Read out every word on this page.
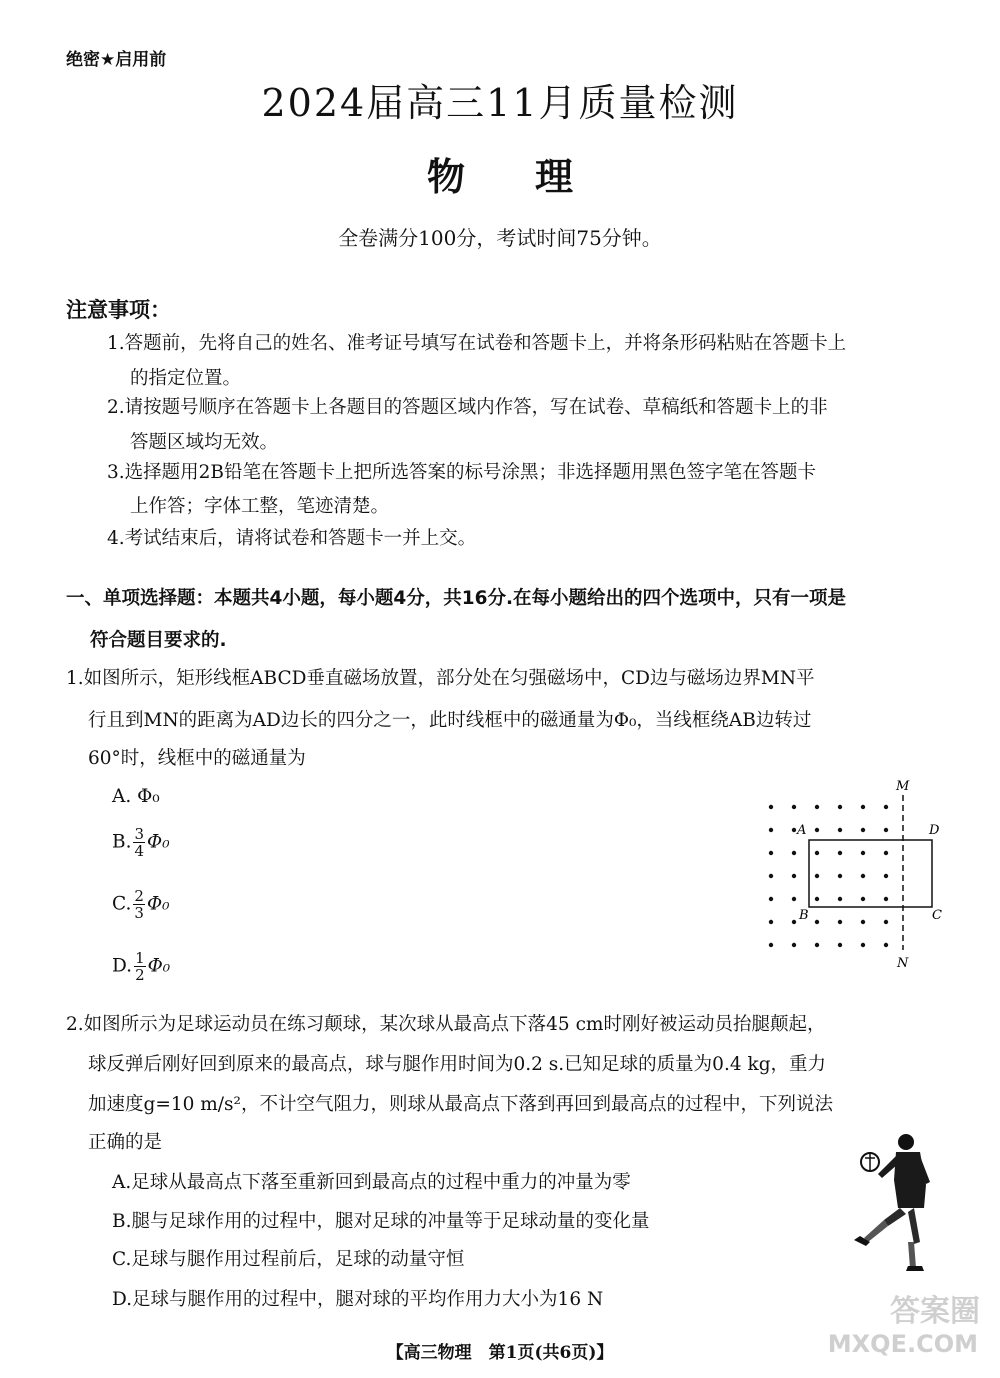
绝密★启用前
2024届高三11月质量检测
物理
全卷满分100分，考试时间75分钟。
注意事项：
1.答题前，先将自己的姓名、准考证号填写在试卷和答题卡上，并将条形码粘贴在答题卡上
的指定位置。
2.请按题号顺序在答题卡上各题目的答题区域内作答，写在试卷、草稿纸和答题卡上的非
答题区域均无效。
3.选择题用2B铅笔在答题卡上把所选答案的标号涂黑；非选择题用黑色签字笔在答题卡
上作答；字体工整，笔迹清楚。
4.考试结束后，请将试卷和答题卡一并上交。
一、单项选择题：本题共4小题，每小题4分，共16分.在每小题给出的四个选项中，只有一项是
符合题目要求的.
1.如图所示，矩形线框ABCD垂直磁场放置，部分处在匀强磁场中，CD边与磁场边界MN平
行且到MN的距离为AD边长的四分之一，此时线框中的磁通量为Φ₀，当线框绕AB边转过
60°时，线框中的磁通量为
A. Φ₀
B. $\frac{3}{4} \Phi_0$
C. $\frac{2}{3} \Phi_0$
D. $\frac{1}{2} \Phi_0$
M
N
A	D
B	C
2.如图所示为足球运动员在练习颠球，某次球从最高点下落45 cm时刚好被运动员抬腿颠起，
球反弹后刚好回到原来的最高点，球与腿作用时间为0.2 s.已知足球的质量为0.4 kg，重力
加速度g=10 m/s²，不计空气阻力，则球从最高点下落到再回到最高点的过程中，下列说法
正确的是
A.足球从最高点下落至重新回到最高点的过程中重力的冲量为零
B.腿与足球作用的过程中，腿对足球的冲量等于足球动量的变化量
C.足球与腿作用过程前后，足球的动量守恒
D.足球与腿作用的过程中，腿对球的平均作用力大小为16 N
【高三物理　第1页(共6页)】
答案圈
MXQE.COM
